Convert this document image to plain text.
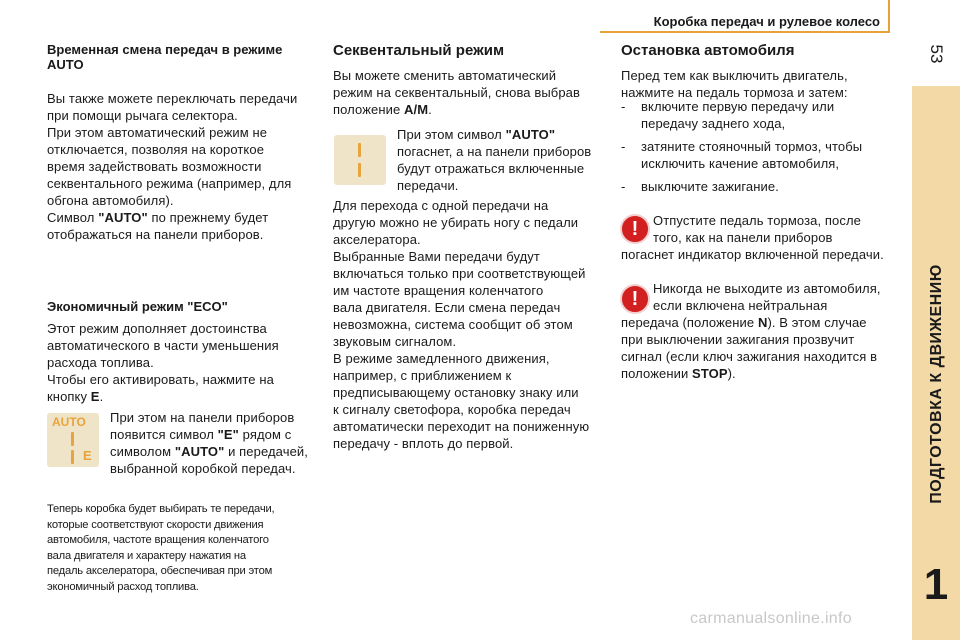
Коробка передач и рулевое колесо
53
ПОДГОТОВКА К ДВИЖЕНИЮ
1

Временная смена передач в режиме AUTO

Вы также можете переключать передачи

при помощи рычага селектора.

При этом автоматический режим не

отключается, позволяя на короткое

время задействовать возможности

секвентального режима (например, для

обгона автомобиля).

Символ "AUTO" по прежнему будет

отображаться на панели приборов.

Экономичный режим "ECO"

Этот режим дополняет достоинства

автоматического в части уменьшения

расхода топлива.

Чтобы его активировать, нажмите на

кнопку E.

AUTO
E

При этом на панели приборов

появится символ "E" рядом с

символом "AUTO" и передачей,

выбранной коробкой передач.

Теперь коробка будет выбирать те передачи,

которые соответствуют скорости движения

автомобиля, частоте вращения коленчатого

вала двигателя и характеру нажатия на

педаль акселератора, обеспечивая при этом

экономичный расход топлива.

Секвентальный режим

Вы можете сменить автоматический

режим на секвентальный, снова выбрав

положение A/M.

При этом символ "AUTO"

погаснет, а на панели приборов

будут отражаться включенные

передачи.

Для перехода с одной передачи на

другую можно не убирать ногу с педали

акселератора.

Выбранные Вами передачи будут

включаться только при соответствующей

им частоте вращения коленчатого

вала двигателя. Если смена передач

невозможна, система сообщит об этом

звуковым сигналом.

В режиме замедленного движения,

например, с приближением к

предписывающему остановку знаку или

к сигналу светофора, коробка передач

автоматически переходит на пониженную

передачу - вплоть до первой.

Остановка автомобиля

Перед тем как выключить двигатель,

нажмите на педаль тормоза и затем:

- включите первую передачу или

передачу заднего хода,

- затяните стояночный тормоз, чтобы

исключить качение автомобиля,

- выключите зажигание.

!	Отпустите педаль тормоза, после

того, как на панели приборов

погаснет индикатор включенной передачи.

!	Никогда не выходите из автомобиля,

если включена нейтральная

передача (положение N). В этом случае

при выключении зажигания прозвучит

сигнал (если ключ зажигания находится в

положении STOP).

carmanualsonline.info
